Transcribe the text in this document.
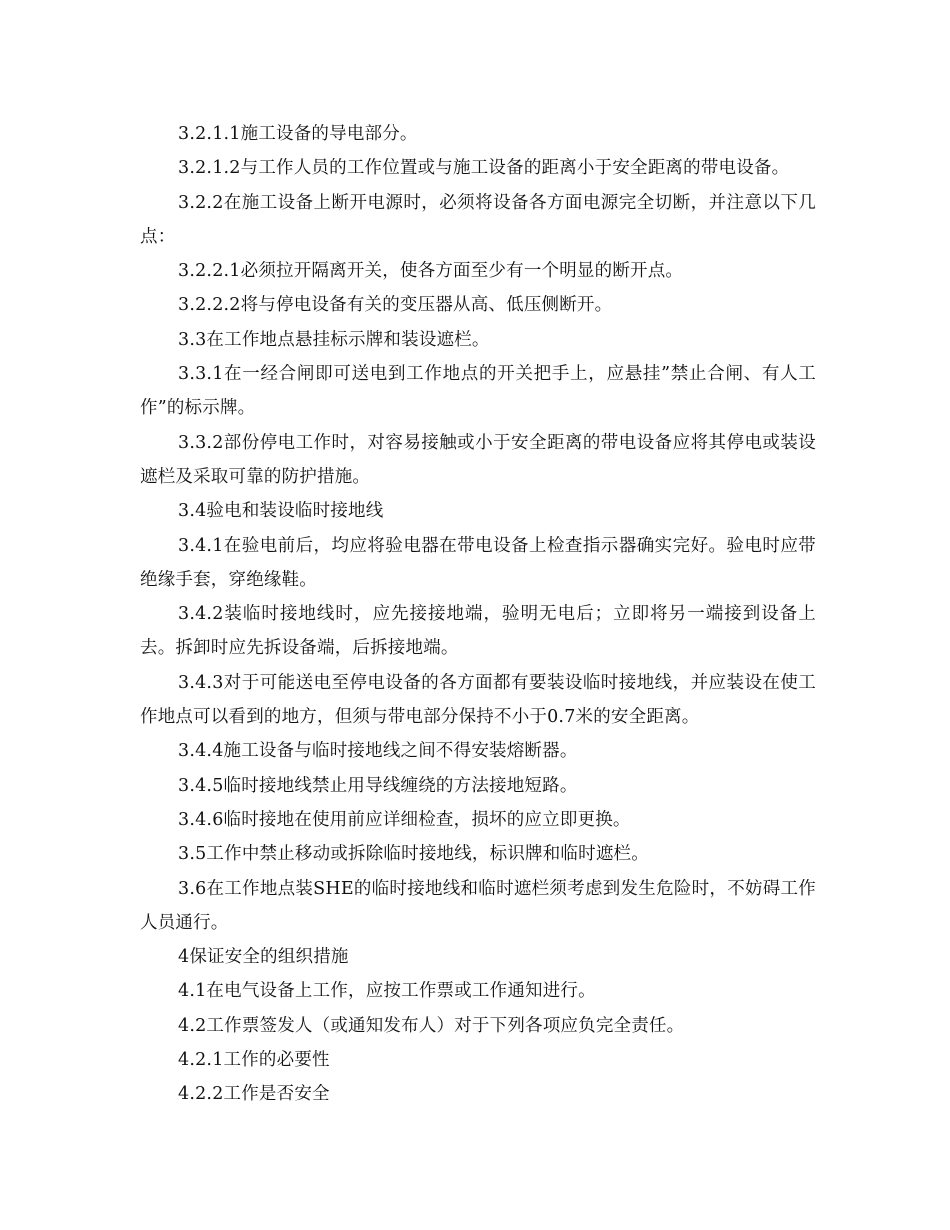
3.2.1.1施工设备的导电部分。

3.2.1.2与工作人员的工作位置或与施工设备的距离小于安全距离的带电设备。

3.2.2在施工设备上断开电源时，必须将设备各方面电源完全切断，并注意以下几点：

3.2.2.1必须拉开隔离开关，使各方面至少有一个明显的断开点。

3.2.2.2将与停电设备有关的变压器从高、低压侧断开。

3.3在工作地点悬挂标示牌和装设遮栏。

3.3.1在一经合闸即可送电到工作地点的开关把手上，应悬挂”禁止合闸、有人工作”的标示牌。

3.3.2部份停电工作时，对容易接触或小于安全距离的带电设备应将其停电或装设遮栏及采取可靠的防护措施。

3.4验电和装设临时接地线

3.4.1在验电前后，均应将验电器在带电设备上检查指示器确实完好。验电时应带绝缘手套，穿绝缘鞋。

3.4.2装临时接地线时，应先接接地端，验明无电后；立即将另一端接到设备上去。拆卸时应先拆设备端，后拆接地端。

3.4.3对于可能送电至停电设备的各方面都有要装设临时接地线，并应装设在使工作地点可以看到的地方，但须与带电部分保持不小于0.7米的安全距离。

3.4.4施工设备与临时接地线之间不得安装熔断器。

3.4.5临时接地线禁止用导线缠绕的方法接地短路。

3.4.6临时接地在使用前应详细检查，损坏的应立即更换。

3.5工作中禁止移动或拆除临时接地线，标识牌和临时遮栏。

3.6在工作地点装SHE的临时接地线和临时遮栏须考虑到发生危险时，不妨碍工作人员通行。

4保证安全的组织措施

4.1在电气设备上工作，应按工作票或工作通知进行。

4.2工作票签发人（或通知发布人）对于下列各项应负完全责任。

4.2.1工作的必要性

4.2.2工作是否安全
